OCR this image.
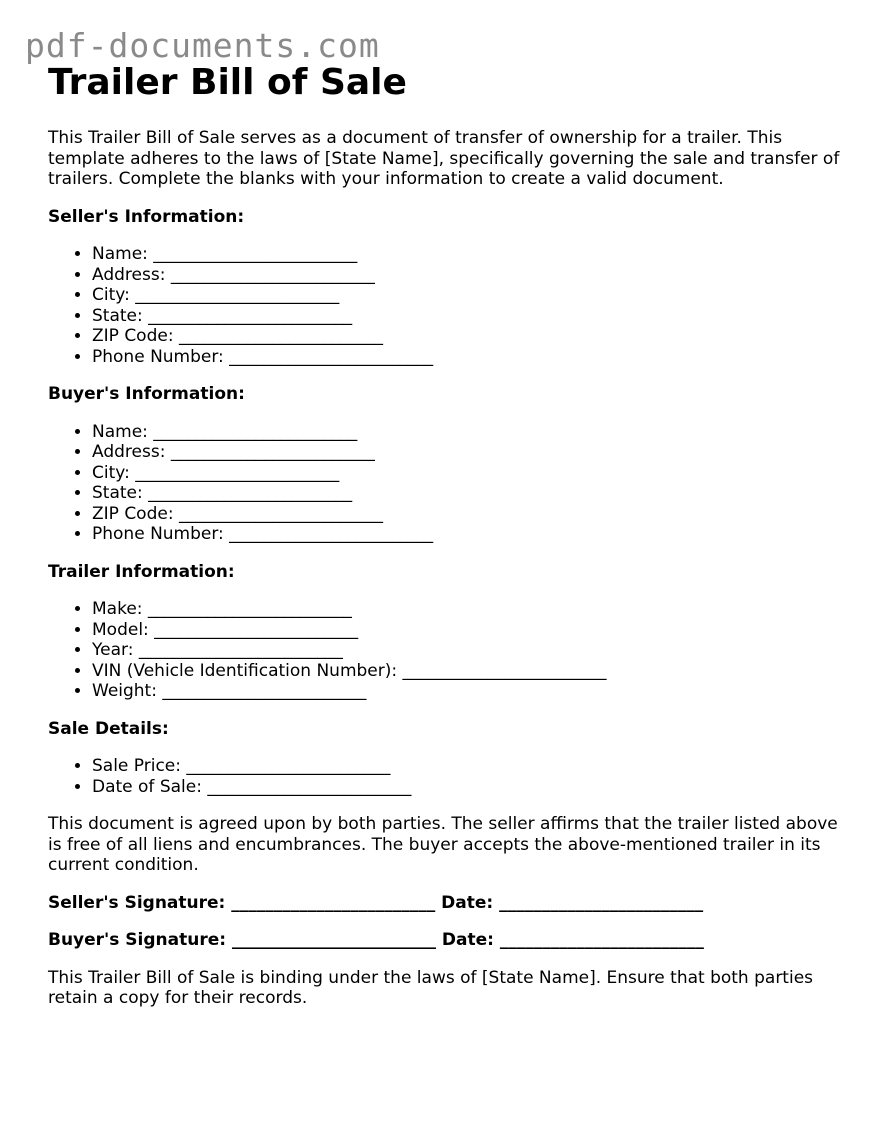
pdf-documents.com
Trailer Bill of Sale

This Trailer Bill of Sale serves as a document of transfer of ownership for a trailer. This template adheres to the laws of [State Name], specifically governing the sale and transfer of trailers. Complete the blanks with your information to create a valid document.

Seller's Information:
• Name: ________________________
• Address: ________________________
• City: ________________________
• State: ________________________
• ZIP Code: ________________________
• Phone Number: ________________________
Buyer's Information:
• Name: ________________________
• Address: ________________________
• City: ________________________
• State: ________________________
• ZIP Code: ________________________
• Phone Number: ________________________
Trailer Information:
• Make: ________________________
• Model: ________________________
• Year: ________________________
• VIN (Vehicle Identification Number): ________________________
• Weight: ________________________
Sale Details:
• Sale Price: ________________________
• Date of Sale: ________________________

This document is agreed upon by both parties. The seller affirms that the trailer listed above is free of all liens and encumbrances. The buyer accepts the above-mentioned trailer in its current condition.

Seller's Signature: ________________________ Date: ________________________
Buyer's Signature: ________________________ Date: ________________________

This Trailer Bill of Sale is binding under the laws of [State Name]. Ensure that both parties retain a copy for their records.
